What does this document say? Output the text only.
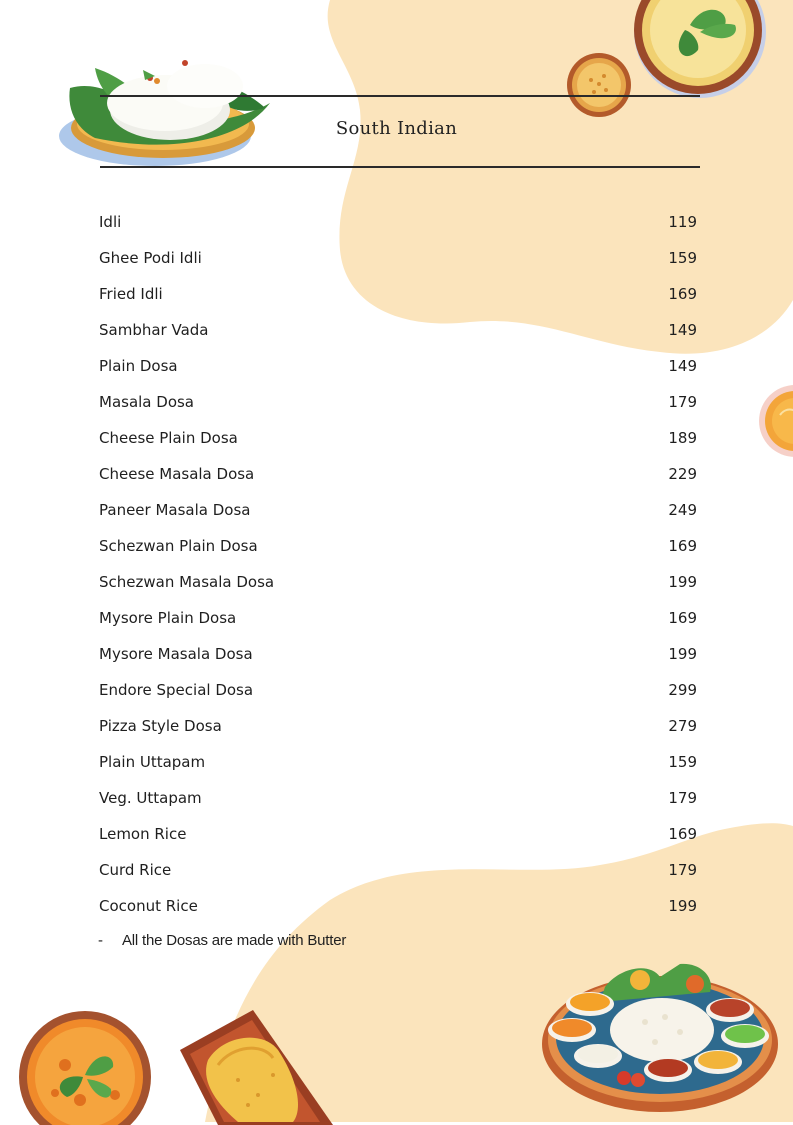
South Indian
Idli	119
Ghee Podi Idli	159
Fried Idli	169
Sambhar Vada	149
Plain Dosa	149
Masala Dosa	179
Cheese Plain Dosa	189
Cheese Masala Dosa	229
Paneer Masala Dosa	249
Schezwan Plain Dosa	169
Schezwan Masala Dosa	199
Mysore Plain Dosa	169
Mysore Masala Dosa	199
Endore Special Dosa	299
Pizza Style Dosa	279
Plain Uttapam	159
Veg. Uttapam	179
Lemon Rice	169
Curd Rice	179
Coconut Rice	199
- All the Dosas are made with Butter
